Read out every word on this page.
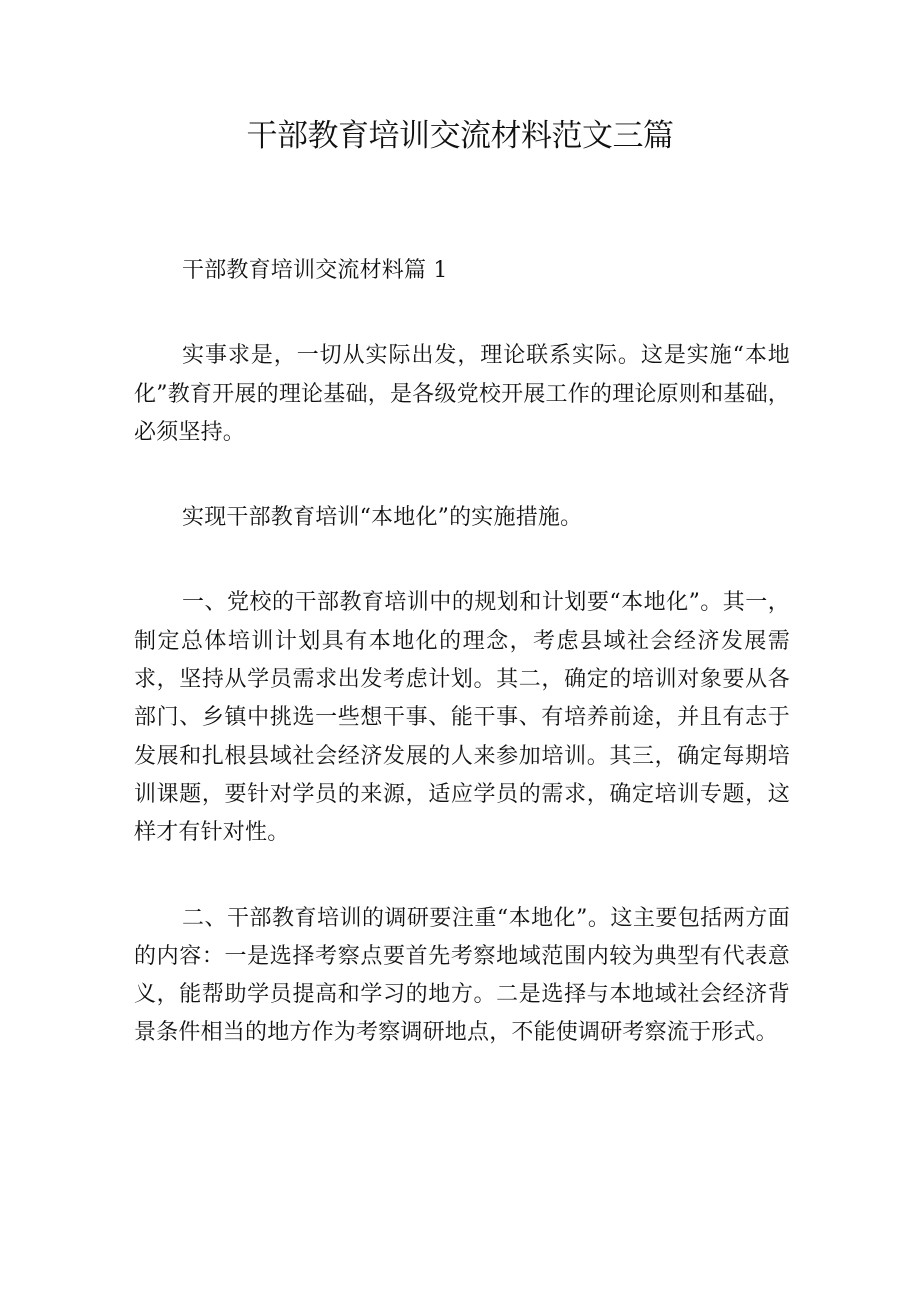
干部教育培训交流材料范文三篇

干部教育培训交流材料篇 1

实事求是，一切从实际出发，理论联系实际。这是实施“本地化”教育开展的理论基础，是各级党校开展工作的理论原则和基础，必须坚持。

实现干部教育培训“本地化”的实施措施。

一、党校的干部教育培训中的规划和计划要“本地化”。其一，制定总体培训计划具有本地化的理念，考虑县域社会经济发展需求，坚持从学员需求出发考虑计划。其二，确定的培训对象要从各部门、乡镇中挑选一些想干事、能干事、有培养前途，并且有志于发展和扎根县域社会经济发展的人来参加培训。其三，确定每期培训课题，要针对学员的来源，适应学员的需求，确定培训专题，这样才有针对性。

二、干部教育培训的调研要注重“本地化”。这主要包括两方面的内容：一是选择考察点要首先考察地域范围内较为典型有代表意义，能帮助学员提高和学习的地方。二是选择与本地域社会经济背景条件相当的地方作为考察调研地点，不能使调研考察流于形式。
